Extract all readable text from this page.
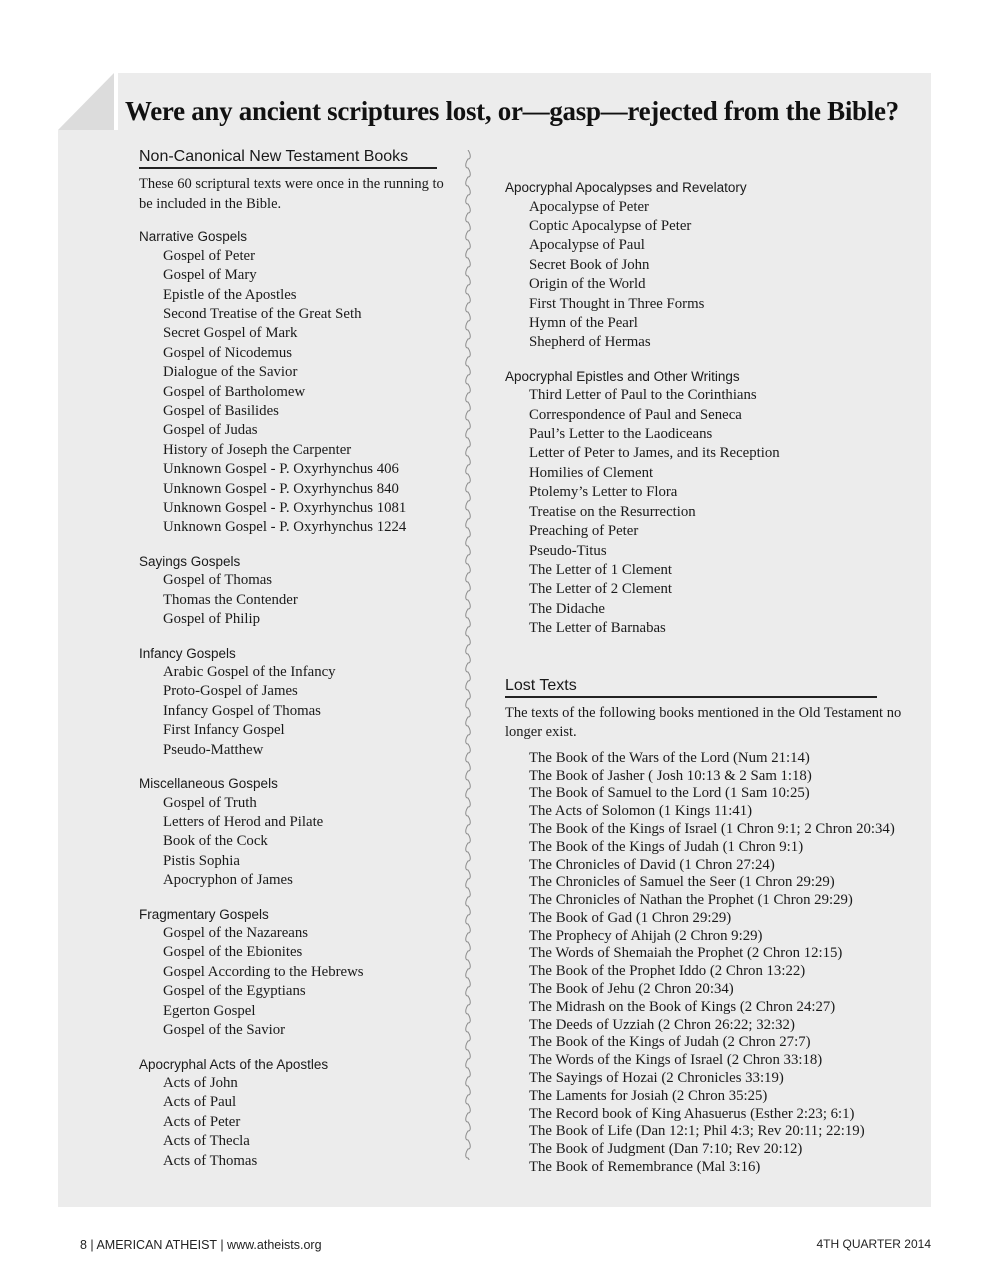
Were any ancient scriptures lost, or—gasp—rejected from the Bible?
Non-Canonical New Testament Books
These 60 scriptural texts were once in the running to be included in the Bible.
Narrative Gospels
Gospel of Peter
Gospel of Mary
Epistle of the Apostles
Second Treatise of the Great Seth
Secret Gospel of Mark
Gospel of Nicodemus
Dialogue of the Savior
Gospel of Bartholomew
Gospel of Basilides
Gospel of Judas
History of Joseph the Carpenter
Unknown Gospel - P. Oxyrhynchus 406
Unknown Gospel - P. Oxyrhynchus 840
Unknown Gospel - P. Oxyrhynchus 1081
Unknown Gospel - P. Oxyrhynchus 1224
Sayings Gospels
Gospel of Thomas
Thomas the Contender
Gospel of Philip
Infancy Gospels
Arabic Gospel of the Infancy
Proto-Gospel of James
Infancy Gospel of Thomas
First Infancy Gospel
Pseudo-Matthew
Miscellaneous Gospels
Gospel of Truth
Letters of Herod and Pilate
Book of the Cock
Pistis Sophia
Apocryphon of James
Fragmentary Gospels
Gospel of the Nazareans
Gospel of the Ebionites
Gospel According to the Hebrews
Gospel of the Egyptians
Egerton Gospel
Gospel of the Savior
Apocryphal Acts of the Apostles
Acts of John
Acts of Paul
Acts of Peter
Acts of Thecla
Acts of Thomas
Apocryphal Apocalypses and Revelatory
Apocalypse of Peter
Coptic Apocalypse of Peter
Apocalypse of Paul
Secret Book of John
Origin of the World
First Thought in Three Forms
Hymn of the Pearl
Shepherd of Hermas
Apocryphal Epistles and Other Writings
Third Letter of Paul to the Corinthians
Correspondence of Paul and Seneca
Paul’s Letter to the Laodiceans
Letter of Peter to James, and its Reception
Homilies of Clement
Ptolemy’s Letter to Flora
Treatise on the Resurrection
Preaching of Peter
Pseudo-Titus
The Letter of 1 Clement
The Letter of 2 Clement
The Didache
The Letter of Barnabas
Lost Texts
The texts of the following books mentioned in the Old Testament no longer exist.
The Book of the Wars of the Lord (Num 21:14)
The Book of Jasher ( Josh 10:13 & 2 Sam 1:18)
The Book of Samuel to the Lord (1 Sam 10:25)
The Acts of Solomon (1 Kings 11:41)
The Book of the Kings of Israel (1 Chron 9:1; 2 Chron 20:34)
The Book of the Kings of Judah (1 Chron 9:1)
The Chronicles of David (1 Chron 27:24)
The Chronicles of Samuel the Seer (1 Chron 29:29)
The Chronicles of Nathan the Prophet (1 Chron 29:29)
The Book of Gad (1 Chron 29:29)
The Prophecy of Ahijah (2 Chron 9:29)
The Words of Shemaiah the Prophet (2 Chron 12:15)
The Book of the Prophet Iddo (2 Chron 13:22)
The Book of Jehu (2 Chron 20:34)
The Midrash on the Book of Kings (2 Chron 24:27)
The Deeds of Uzziah (2 Chron 26:22; 32:32)
The Book of the Kings of Judah (2 Chron 27:7)
The Words of the Kings of Israel (2 Chron 33:18)
The Sayings of Hozai (2 Chronicles 33:19)
The Laments for Josiah (2 Chron 35:25)
The Record book of King Ahasuerus (Esther 2:23; 6:1)
The Book of Life (Dan 12:1; Phil 4:3; Rev 20:11; 22:19)
The Book of Judgment (Dan 7:10; Rev 20:12)
The Book of Remembrance (Mal 3:16)
8 | AMERICAN ATHEIST | www.atheists.org	4TH QUARTER 2014
